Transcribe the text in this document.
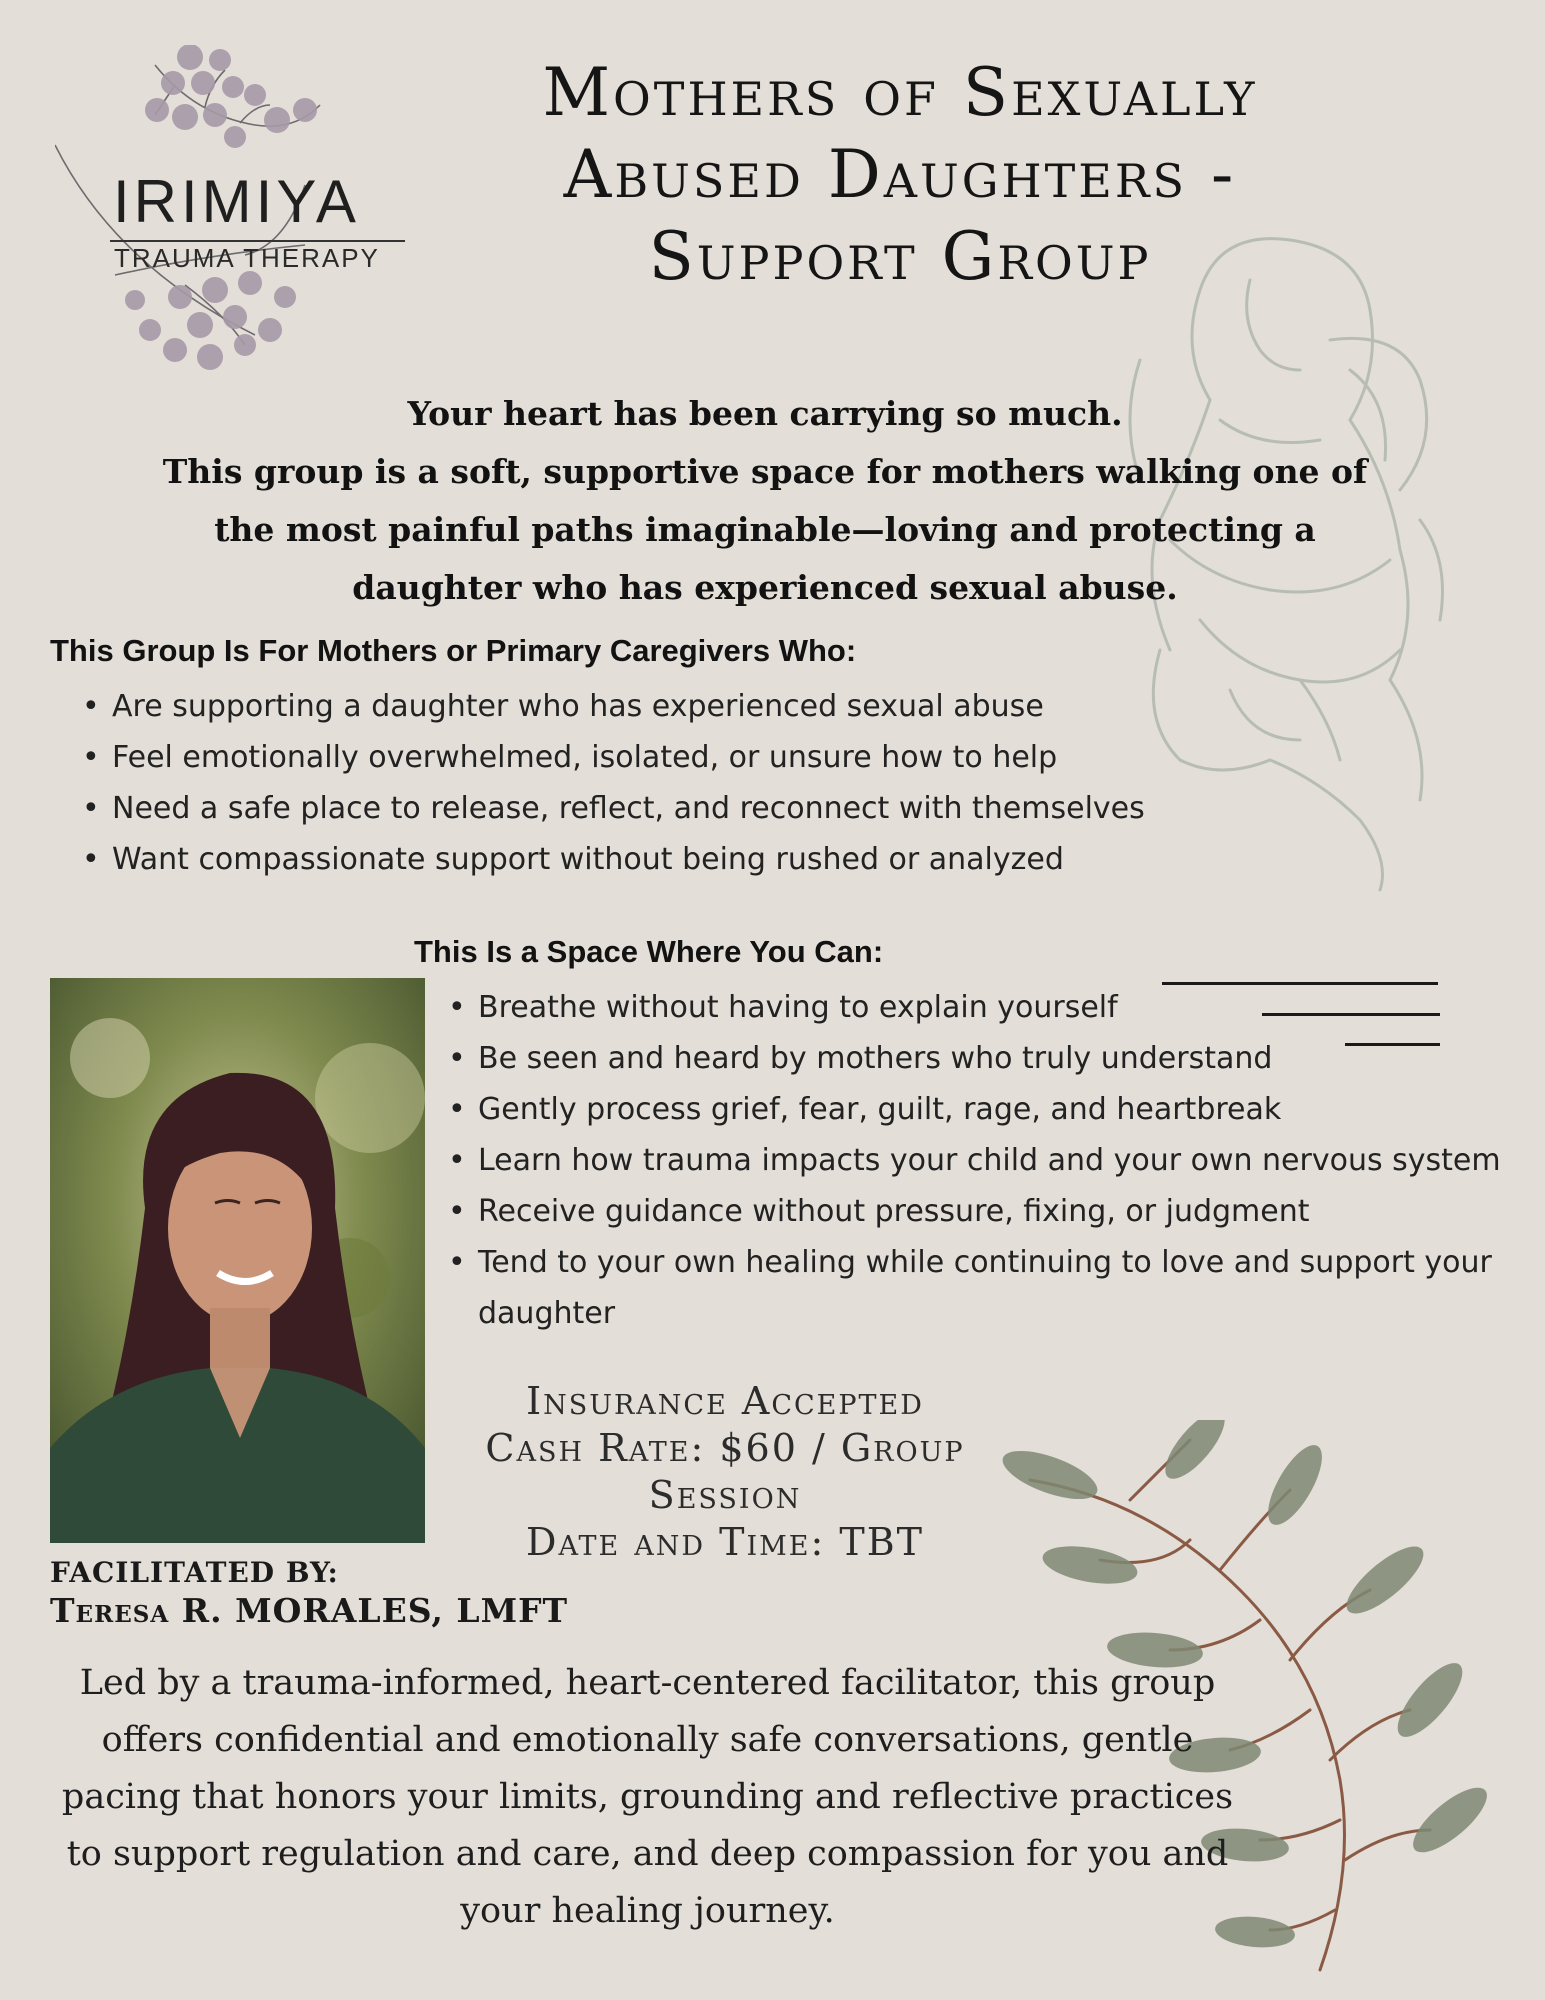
IRIMIYA
TRAUMA THERAPY
Mothers of Sexually Abused Daughters - Support Group

Your heart has been carrying so much.

This group is a soft, supportive space for mothers walking one of the most painful paths imaginable—loving and protecting a daughter who has experienced sexual abuse.

This Group Is For Mothers or Primary Caregivers Who:
• Are supporting a daughter who has experienced sexual abuse
• Feel emotionally overwhelmed, isolated, or unsure how to help
• Need a safe place to release, reflect, and reconnect with themselves
• Want compassionate support without being rushed or analyzed
This Is a Space Where You Can:
• Breathe without having to explain yourself
• Be seen and heard by mothers who truly understand
• Gently process grief, fear, guilt, rage, and heartbreak
• Learn how trauma impacts your child and your own nervous system
• Receive guidance without pressure, fixing, or judgment
• Tend to your own healing while continuing to love and support your daughter
Insurance Accepted
Cash Rate: $60 / Group Session
Date and Time: TBT
FACILITATED BY:
Teresa R. MORALES, LMFT

Led by a trauma-informed, heart-centered facilitator, this group offers confidential and emotionally safe conversations, gentle pacing that honors your limits, grounding and reflective practices to support regulation and care, and deep compassion for you and your healing journey.
